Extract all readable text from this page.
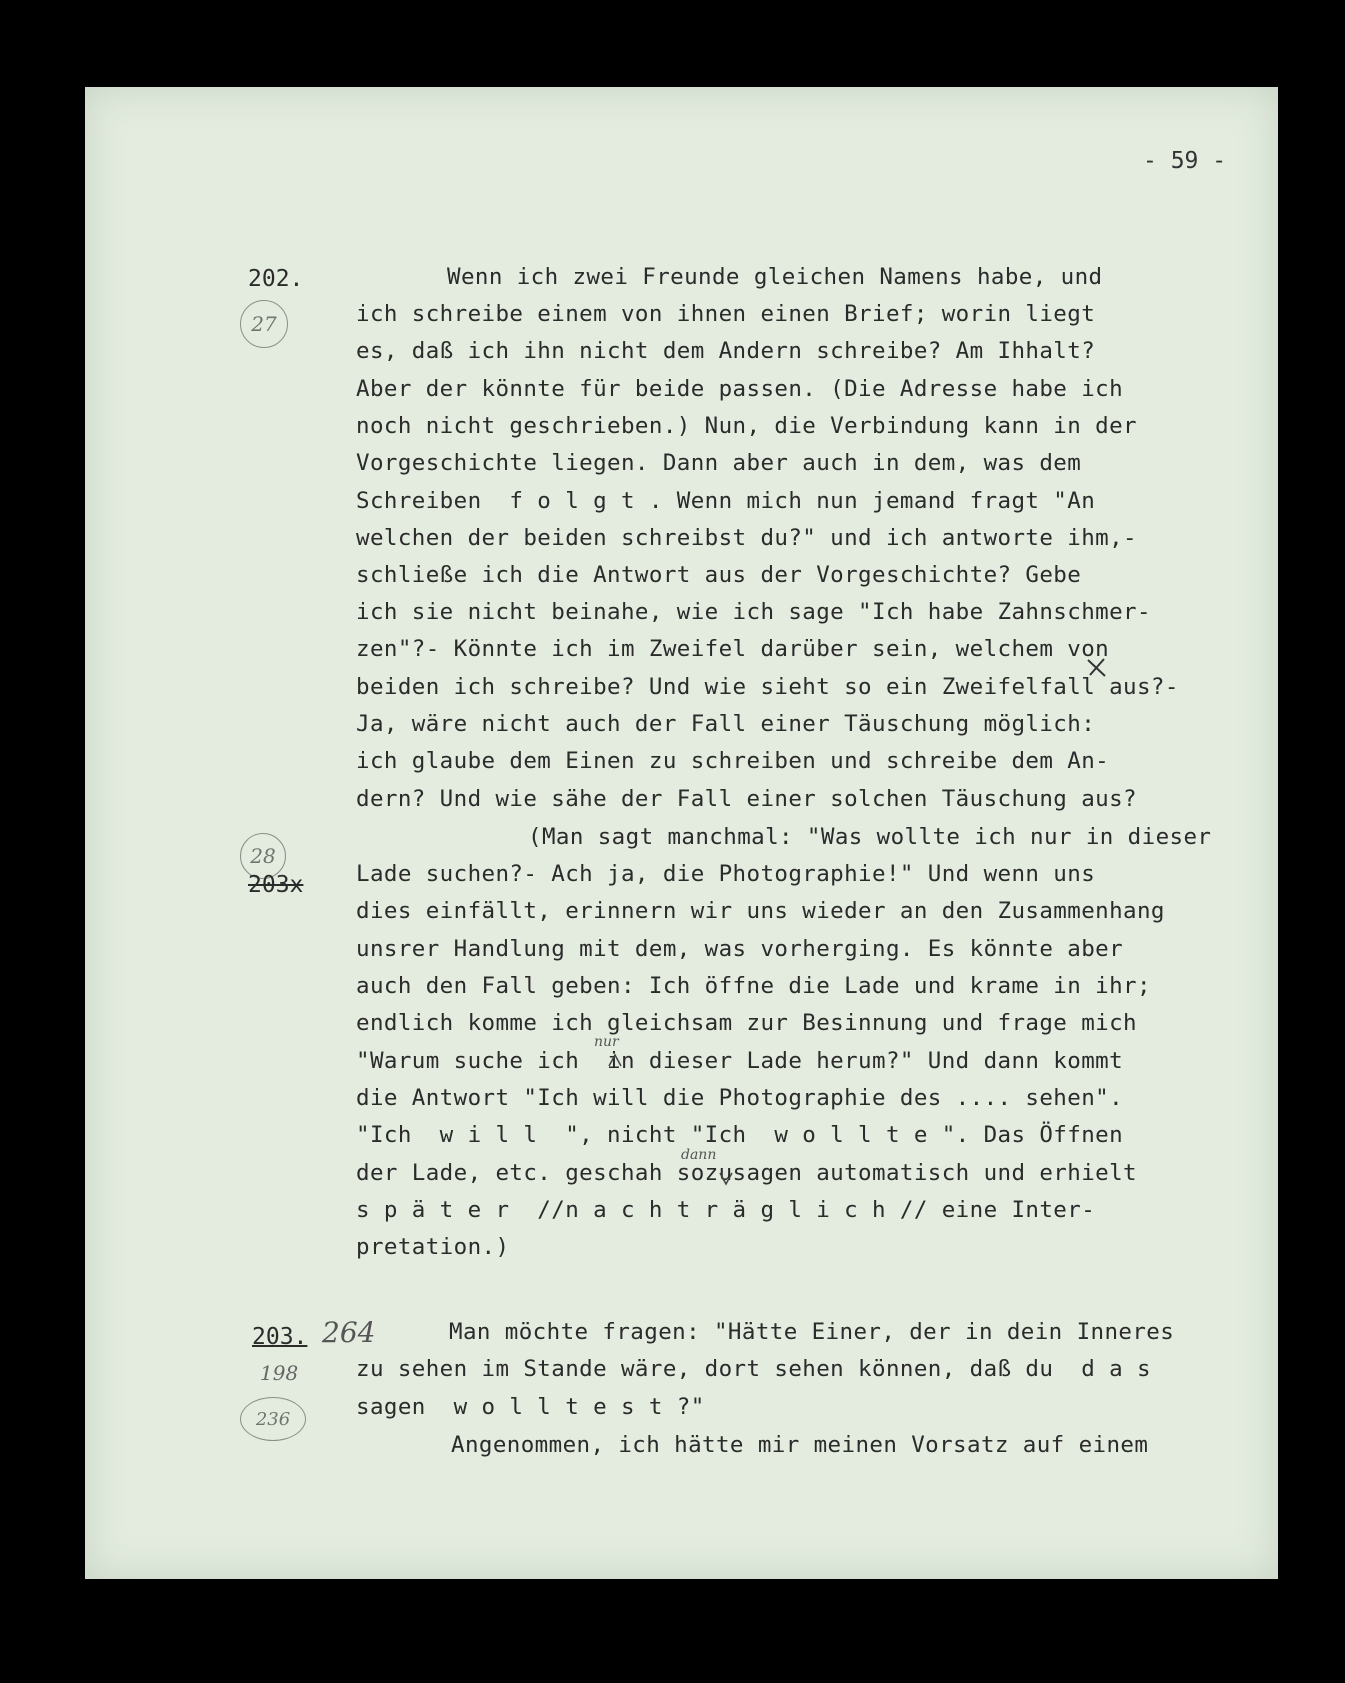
- 59 -
202.
27
Wenn ich zwei Freunde gleichen Namens habe, und
ich schreibe einem von ihnen einen Brief; worin liegt
es, daß ich ihn nicht dem Andern schreibe? Am Ihhalt?
Aber der könnte für beide passen. (Die Adresse habe ich
noch nicht geschrieben.) Nun, die Verbindung kann in der
Vorgeschichte liegen. Dann aber auch in dem, was dem
Schreiben  f o l g t . Wenn mich nun jemand fragt "An
welchen der beiden schreibst du?" und ich antworte ihm,-
schließe ich die Antwort aus der Vorgeschichte? Gebe
ich sie nicht beinahe, wie ich sage "Ich habe Zahnschmer-
zen"?- Könnte ich im Zweifel darüber sein, welchem von
beiden ich schreibe? Und wie sieht so ein Zweifelfall aus?-
Ja, wäre nicht auch der Fall einer Täuschung möglich:
ich glaube dem Einen zu schreiben und schreibe dem An-
dern? Und wie sähe der Fall einer solchen Täuschung aus?
28
203x
(Man sagt manchmal: "Was wollte ich nur in dieser
Lade suchen?- Ach ja, die Photographie!" Und wenn uns
dies einfällt, erinnern wir uns wieder an den Zusammenhang
unsrer Handlung mit dem, was vorherging. Es könnte aber
auch den Fall geben: Ich öffne die Lade und krame in ihr;
endlich komme ich gleichsam zur Besinnung und frage mich
"Warum suche ich  in dieser Lade herum?" Und dann kommt
die Antwort "Ich will die Photographie des .... sehen".
"Ich  w i l l  ", nicht "Ich  w o l l t e ". Das Öffnen
der Lade, etc. geschah sozusagen automatisch und erhielt
s p ä t e r  //n a c h t r ä g l i c h // eine Inter-
pretation.)
nur
dann
203. 264
198
236
Man möchte fragen: "Hätte Einer, der in dein Inneres
zu sehen im Stande wäre, dort sehen können, daß du  d a s
sagen  w o l l t e s t ?"
Angenommen, ich hätte mir meinen Vorsatz auf einem
